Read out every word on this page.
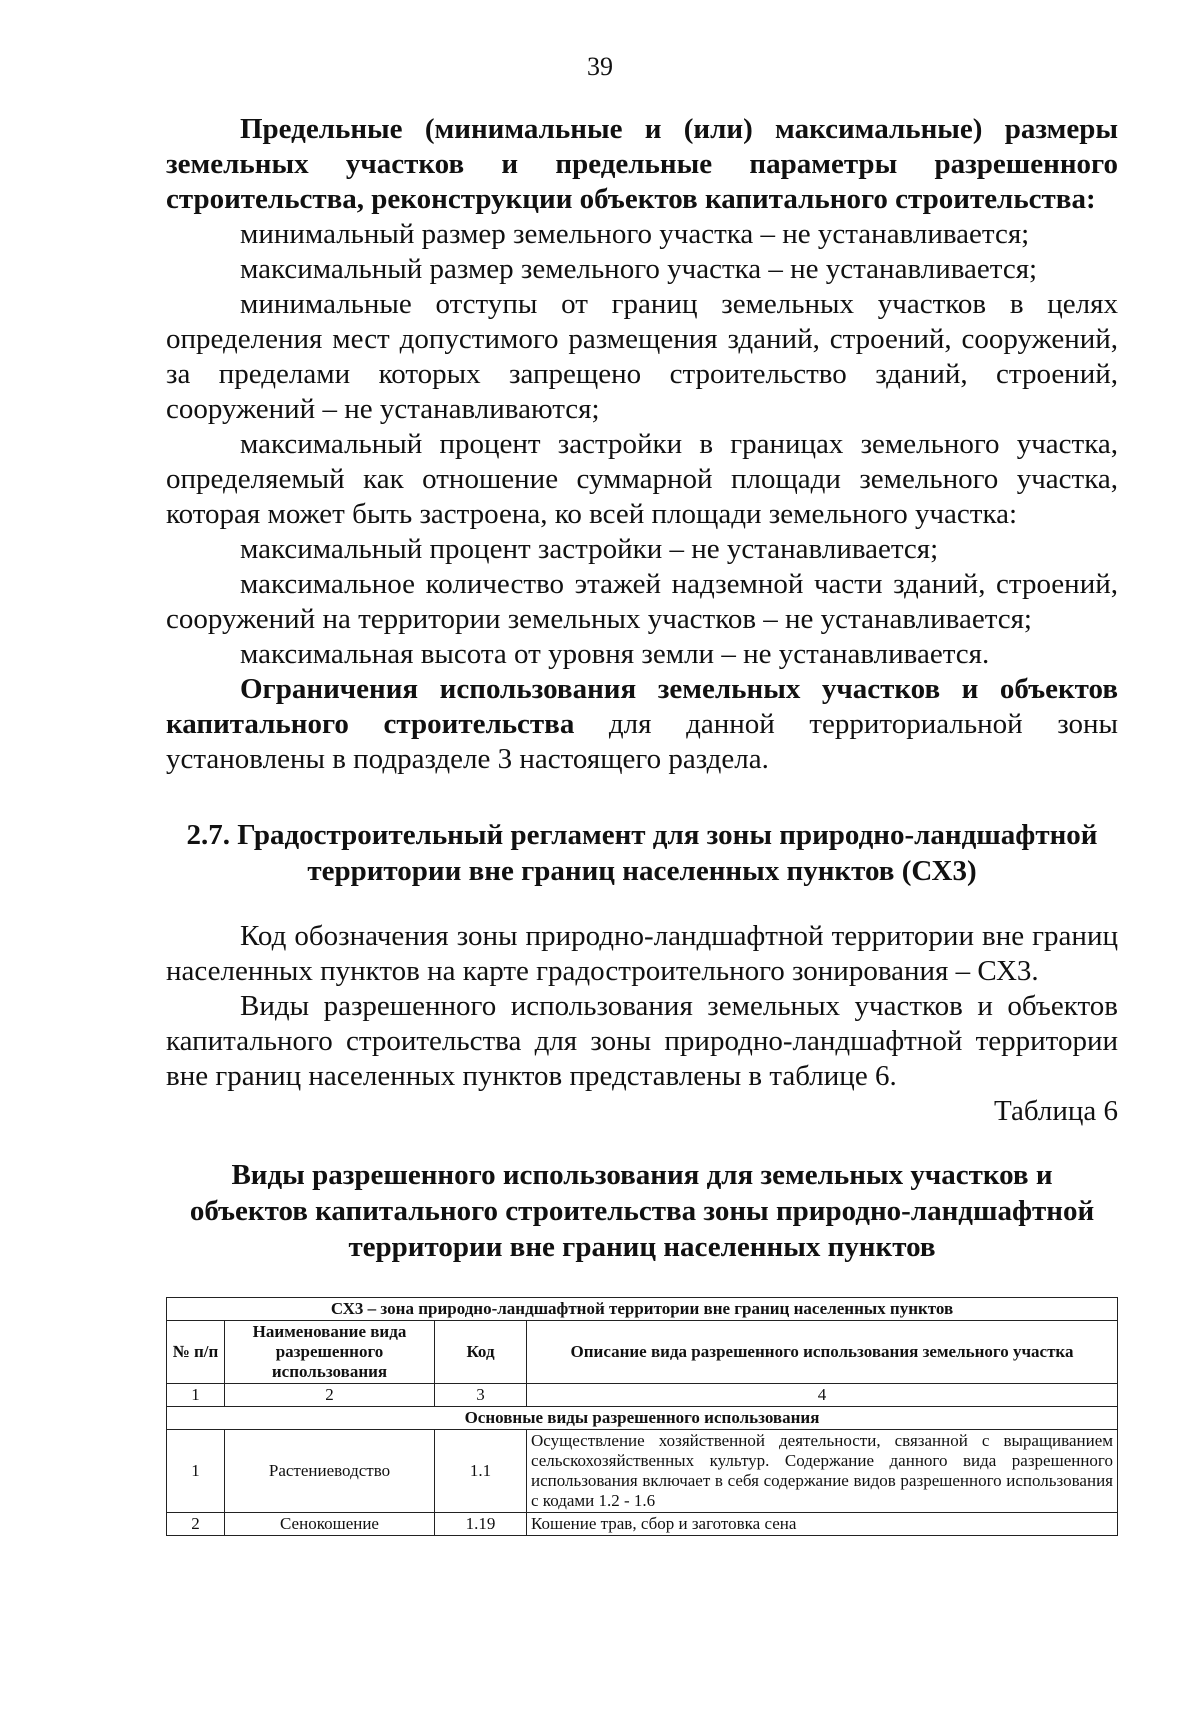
39

Предельные (минимальные и (или) максимальные) размеры земельных участков и предельные параметры разрешенного строительства, реконструкции объектов капитального строительства:

минимальный размер земельного участка – не устанавливается;

максимальный размер земельного участка – не устанавливается;

минимальные отступы от границ земельных участков в целях определения мест допустимого размещения зданий, строений, сооружений, за пределами которых запрещено строительство зданий, строений, сооружений – не устанавливаются;

максимальный процент застройки в границах земельного участка, определяемый как отношение суммарной площади земельного участка, которая может быть застроена, ко всей площади земельного участка:

максимальный процент застройки – не устанавливается;

максимальное количество этажей надземной части зданий, строений, сооружений на территории земельных участков – не устанавливается;

максимальная высота от уровня земли – не устанавливается.

Ограничения использования земельных участков и объектов капитального строительства для данной территориальной зоны установлены в подразделе 3 настоящего раздела.

2.7. Градостроительный регламент для зоны природно-ландшафтной территории вне границ населенных пунктов (СХ3)

Код обозначения зоны природно-ландшафтной территории вне границ населенных пунктов на карте градостроительного зонирования – СХ3.

Виды разрешенного использования земельных участков и объектов капитального строительства для зоны природно-ландшафтной территории вне границ населенных пунктов представлены в таблице 6.

Таблица 6

Виды разрешенного использования для земельных участков и объектов капитального строительства зоны природно-ландшафтной территории вне границ населенных пунктов
СХ3 – зона природно-ландшафтной территории вне границ населенных пунктов			
№ п/п	Наименование вида разрешенного использования	Код	Описание вида разрешенного использования земельного участка
1	2	3	4
Основные виды разрешенного использования			
1	Растениеводство	1.1	Осуществление хозяйственной деятельности, связанной с выращиванием сельскохозяйственных культур. Содержание данного вида разрешенного использования включает в себя содержание видов разрешенного использования с кодами 1.2 - 1.6
2	Сенокошение	1.19	Кошение трав, сбор и заготовка сена
